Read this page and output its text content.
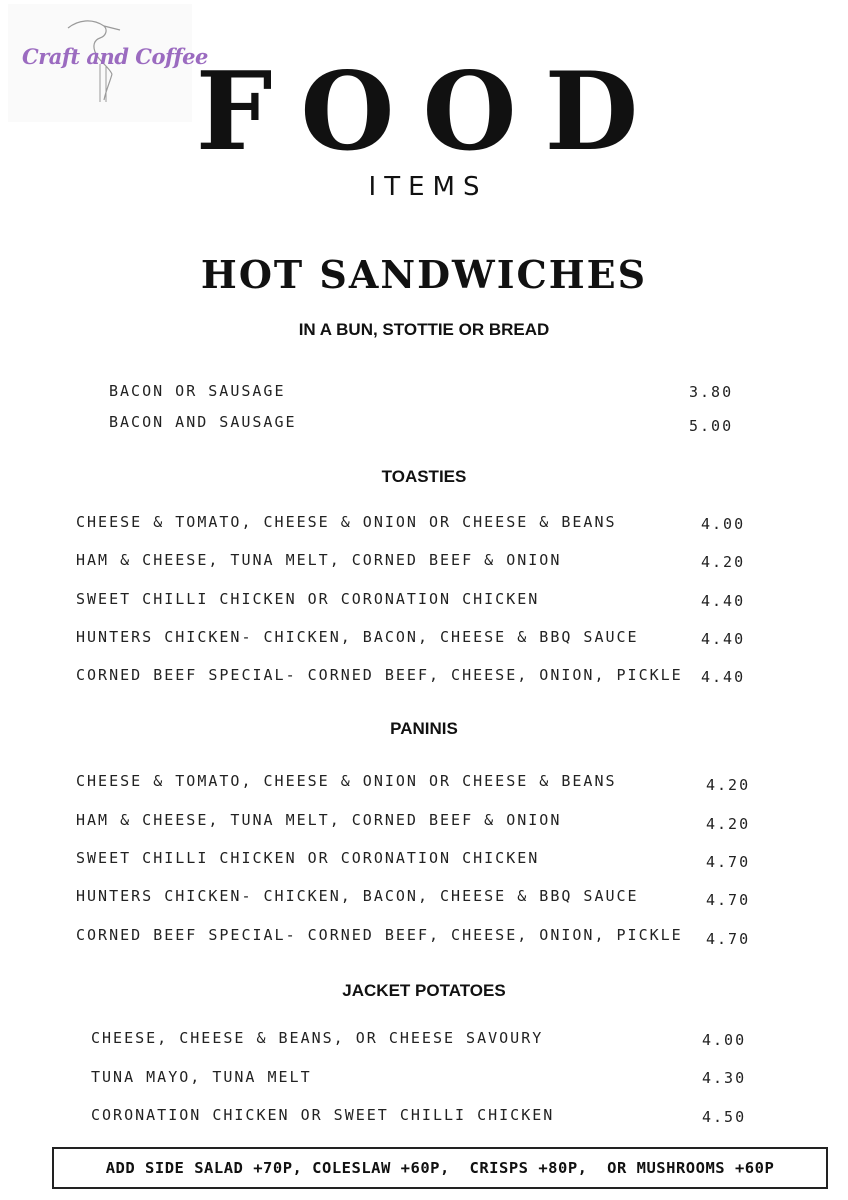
Craft and Coffee
FOOD
ITEMS
HOT SANDWICHES
IN A BUN, STOTTIE OR BREAD
BACON OR SAUSAGE	3.80
BACON AND SAUSAGE	5.00
TOASTIES
CHEESE & TOMATO, CHEESE & ONION OR CHEESE & BEANS	4.00
HAM & CHEESE, TUNA MELT, CORNED BEEF & ONION	4.20
SWEET CHILLI CHICKEN OR CORONATION CHICKEN	4.40
HUNTERS CHICKEN- CHICKEN, BACON, CHEESE & BBQ SAUCE	4.40
CORNED BEEF SPECIAL- CORNED BEEF, CHEESE, ONION, PICKLE 4.40
PANINIS
CHEESE & TOMATO, CHEESE & ONION OR CHEESE & BEANS	4.20
HAM & CHEESE, TUNA MELT, CORNED BEEF & ONION	4.20
SWEET CHILLI CHICKEN OR CORONATION CHICKEN	4.70
HUNTERS CHICKEN- CHICKEN, BACON, CHEESE & BBQ SAUCE	4.70
CORNED BEEF SPECIAL- CORNED BEEF, CHEESE, ONION, PICKLE 4.70
JACKET POTATOES
CHEESE, CHEESE & BEANS, OR CHEESE SAVOURY	4.00
TUNA MAYO, TUNA MELT	4.30
CORONATION CHICKEN OR SWEET CHILLI CHICKEN	4.50
ADD SIDE SALAD +70P, COLESLAW +60P,  CRISPS +80P,  OR MUSHROOMS +60P
